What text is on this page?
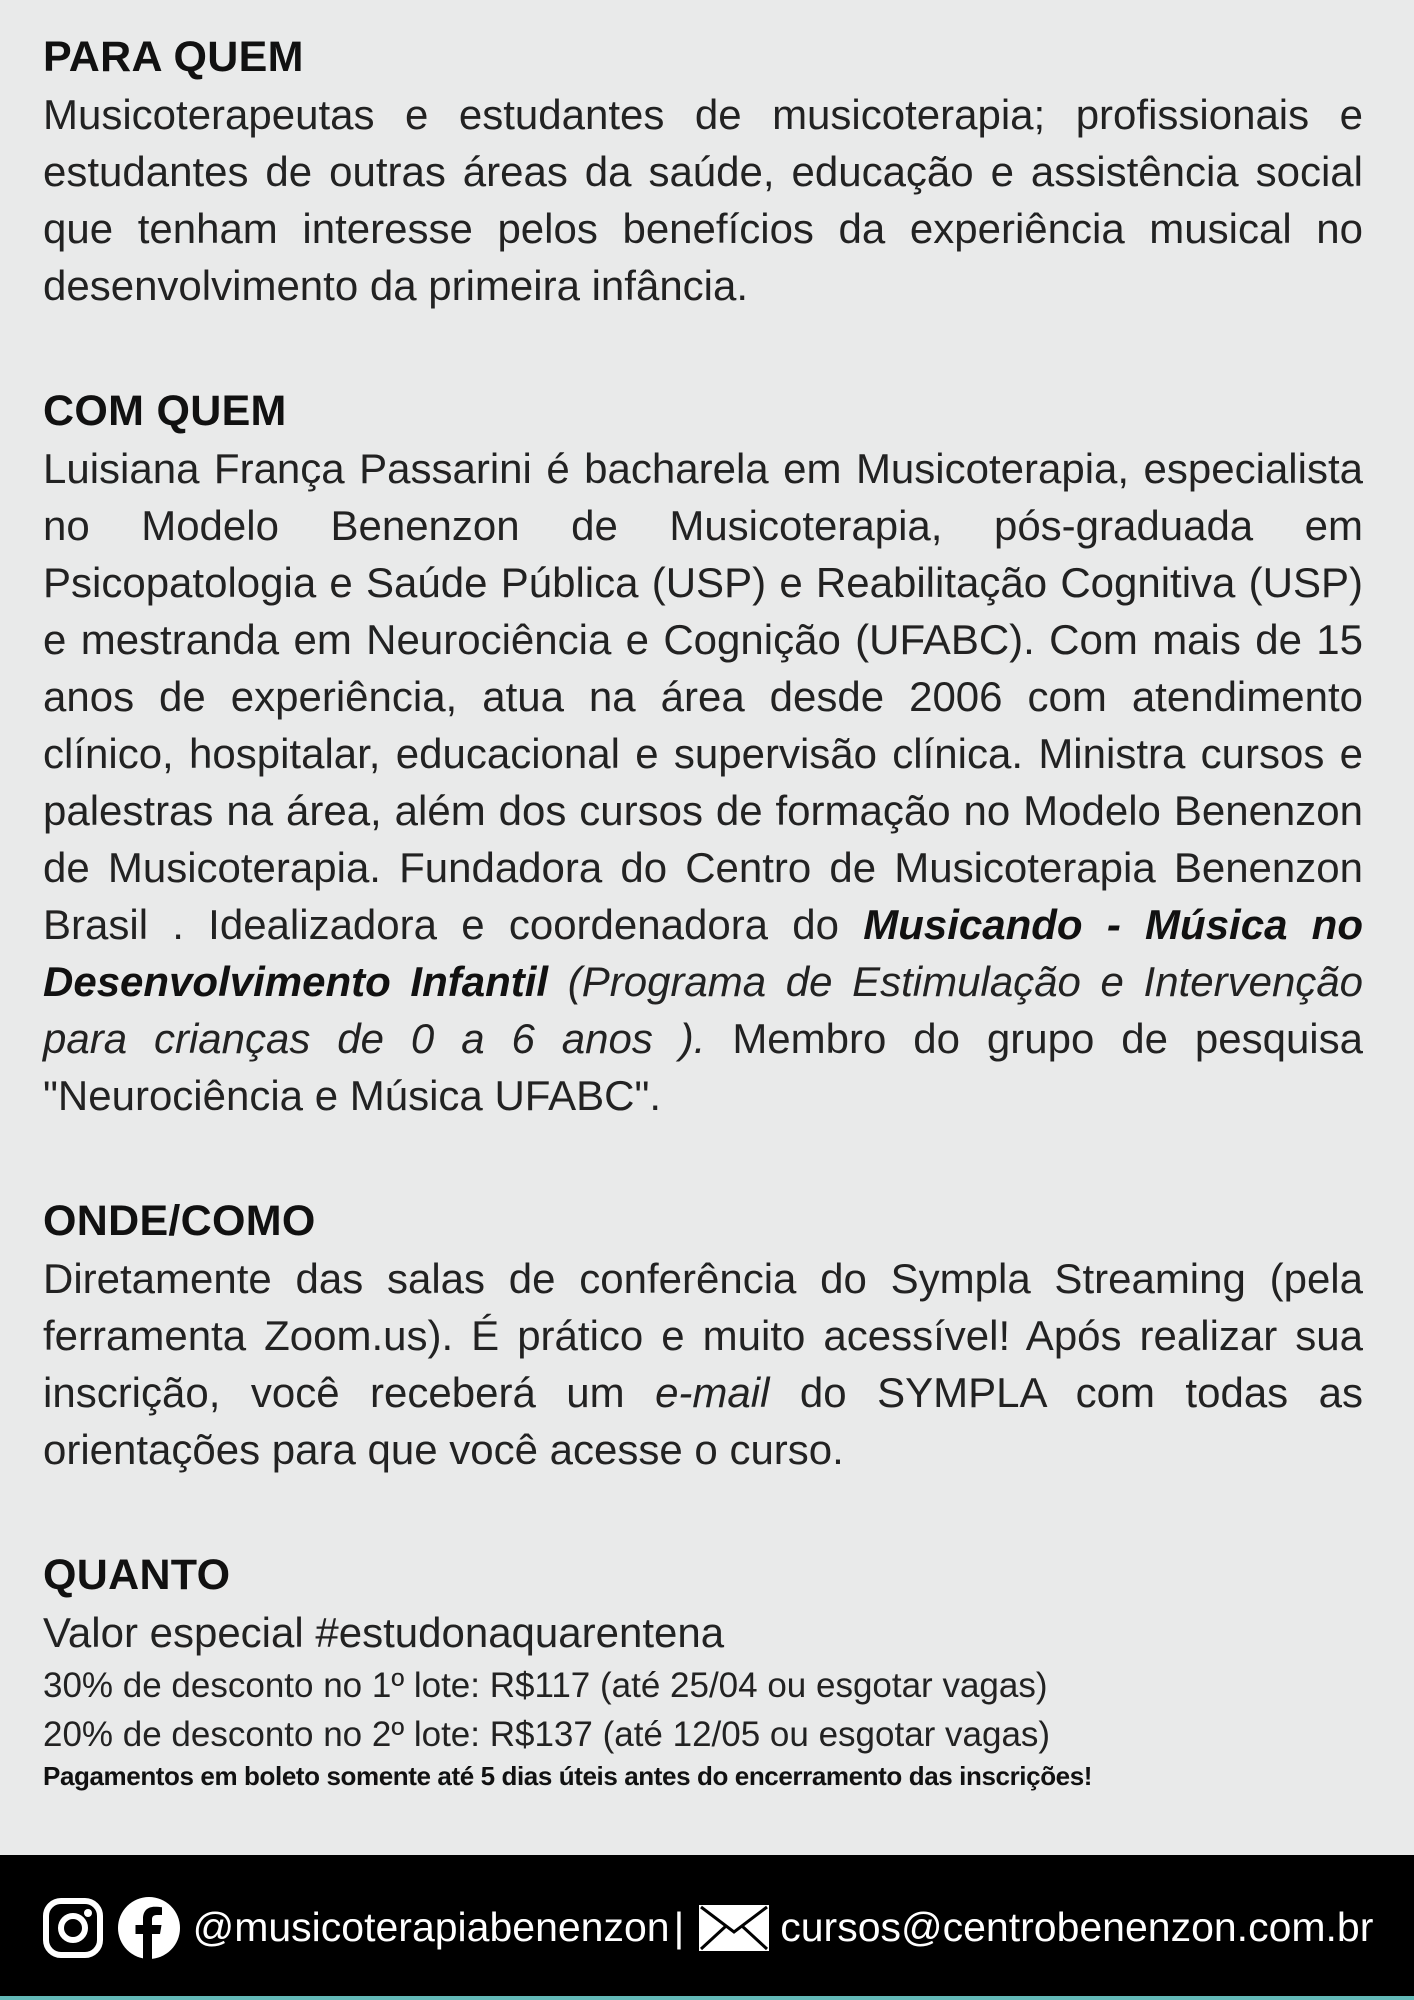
PARA QUEM
Musicoterapeutas e estudantes de musicoterapia; profissionais e estudantes de outras áreas da saúde, educação e assistência social que tenham interesse pelos benefícios da experiência musical no desenvolvimento da primeira infância.
COM QUEM
Luisiana França Passarini é bacharela em Musicoterapia, especialista no Modelo Benenzon de Musicoterapia, pós-graduada em Psicopatologia e Saúde Pública (USP) e Reabilitação Cognitiva (USP) e mestranda em Neurociência e Cognição (UFABC). Com mais de 15 anos de experiência, atua na área desde 2006 com atendimento clínico, hospitalar, educacional e supervisão clínica. Ministra cursos e palestras na área, além dos cursos de formação no Modelo Benenzon de Musicoterapia. Fundadora do Centro de Musicoterapia Benenzon Brasil . Idealizadora e coordenadora do Musicando - Música no Desenvolvimento Infantil (Programa de Estimulação e Intervenção para crianças de 0 a 6 anos ). Membro do grupo de pesquisa "Neurociência e Música UFABC".
ONDE/COMO
Diretamente das salas de conferência do Sympla Streaming (pela ferramenta Zoom.us). É prático e muito acessível! Após realizar sua inscrição, você receberá um e-mail do SYMPLA com todas as orientações para que você acesse o curso.
QUANTO
Valor especial #estudonaquarentena
30% de desconto no 1º lote: R$117 (até 25/04 ou esgotar vagas)
20% de desconto no 2º lote: R$137 (até 12/05 ou esgotar vagas)
Pagamentos em boleto somente até 5 dias úteis antes do encerramento das inscrições!
@musicoterapiabenenzon | cursos@centrobenenzon.com.br
